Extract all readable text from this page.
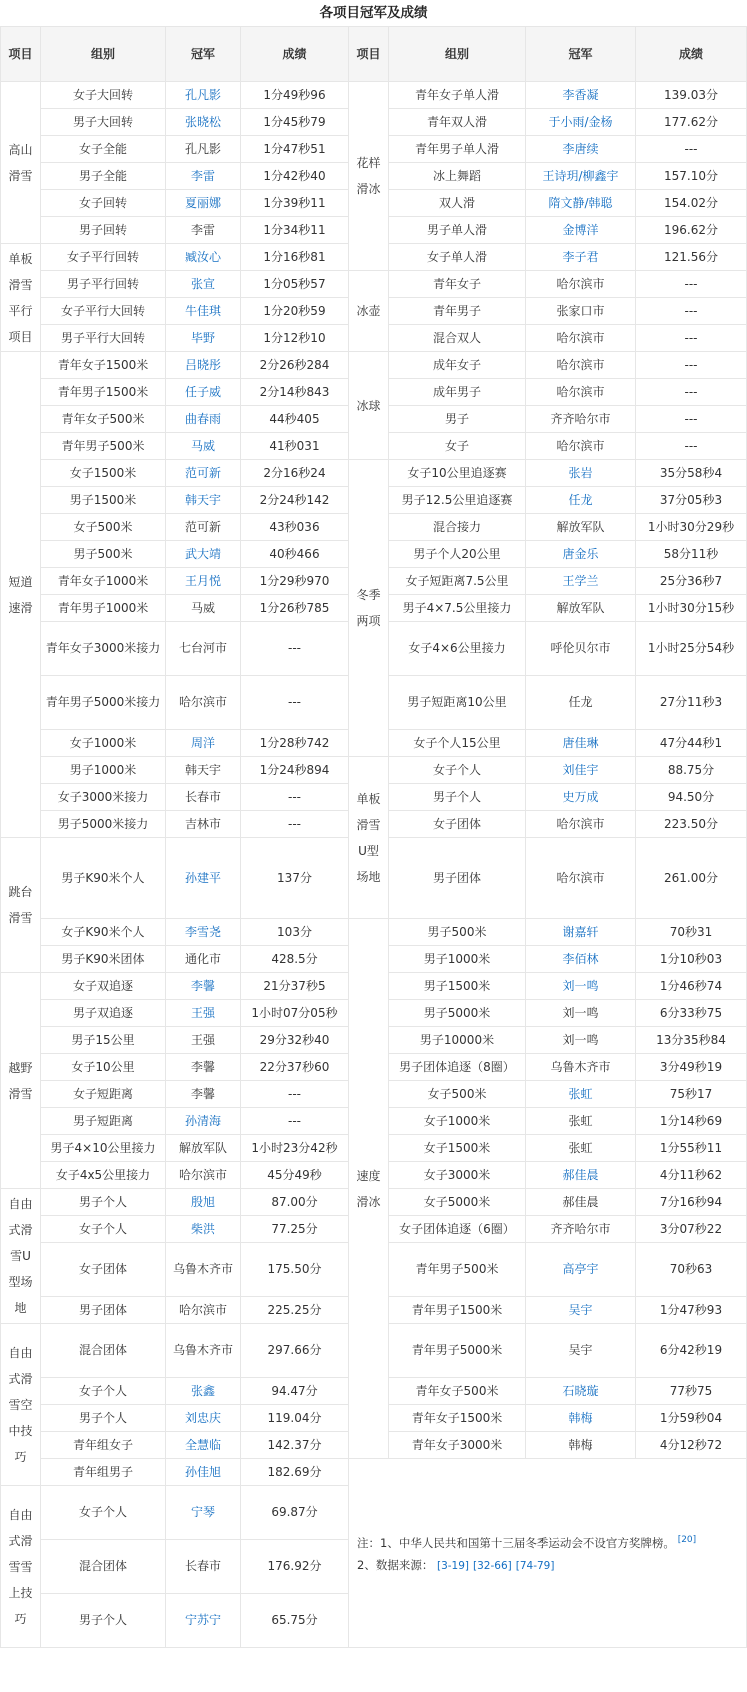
各项目冠军及成绩
项目	组别	冠军	成绩	项目	组别	冠军	成绩
高山滑雪	女子大回转	孔凡影	1分49秒96	花样滑冰	青年女子单人滑	李香凝	139.03分
	男子大回转	张晓松	1分45秒79		青年双人滑	于小雨/金杨	177.62分
	女子全能	孔凡影	1分47秒51		青年男子单人滑	李唐续	---
	男子全能	李雷	1分42秒40		冰上舞蹈	王诗玥/柳鑫宇	157.10分
	女子回转	夏丽娜	1分39秒11		双人滑	隋文静/韩聪	154.02分
	男子回转	李雷	1分34秒11		男子单人滑	金博洋	196.62分
单板滑雪平行项目	女子平行回转	臧汝心	1分16秒81		女子单人滑	李子君	121.56分
	男子平行回转	张宣	1分05秒57	冰壶	青年女子	哈尔滨市	---
	女子平行大回转	牛佳琪	1分20秒59		青年男子	张家口市	---
	男子平行大回转	毕野	1分12秒10		混合双人	哈尔滨市	---
短道速滑	青年女子1500米	吕晓彤	2分26秒284	冰球	成年女子	哈尔滨市	---
	青年男子1500米	任子威	2分14秒843		成年男子	哈尔滨市	---
	青年女子500米	曲春雨	44秒405		男子	齐齐哈尔市	---
	青年男子500米	马威	41秒031		女子	哈尔滨市	---
	女子1500米	范可新	2分16秒24	冬季两项	女子10公里追逐赛	张岩	35分58秒4
	男子1500米	韩天宇	2分24秒142		男子12.5公里追逐赛	任龙	37分05秒3
	女子500米	范可新	43秒036		混合接力	解放军队	1小时30分29秒
	男子500米	武大靖	40秒466		男子个人20公里	唐金乐	58分11秒
	青年女子1000米	王月悦	1分29秒970		女子短距离7.5公里	王学兰	25分36秒7
	青年男子1000米	马威	1分26秒785		男子4×7.5公里接力	解放军队	1小时30分15秒
	青年女子3000米接力	七台河市	---		女子4×6公里接力	呼伦贝尔市	1小时25分54秒

	青年男子5000米接力	哈尔滨市	---		男子短距离10公里	任龙	27分11秒3

	女子1000米	周洋	1分28秒742		女子个人15公里	唐佳琳	47分44秒1
	男子1000米	韩天宇	1分24秒894	单板滑雪U型场地	女子个人	刘佳宇	88.75分
	女子3000米接力	长春市	---		男子个人	史万成	94.50分
	男子5000米接力	吉林市	---		女子团体	哈尔滨市	223.50分
跳台滑雪	男子K90米个人	孙建平	137分		男子团体	哈尔滨市	261.00分

	女子K90米个人	李雪尧	103分	速度滑冰	男子500米	谢嘉轩	70秒31
	男子K90米团体	通化市	428.5分		男子1000米	李佰林	1分10秒03
越野滑雪	女子双追逐	李馨	21分37秒5		男子1500米	刘一鸣	1分46秒74
	男子双追逐	王强	1小时07分05秒		男子5000米	刘一鸣	6分33秒75
	男子15公里	王强	29分32秒40		男子10000米	刘一鸣	13分35秒84
	女子10公里	李馨	22分37秒60		男子团体追逐（8圈）	乌鲁木齐市	3分49秒19
	女子短距离	李馨	---		女子500米	张虹	75秒17
	男子短距离	孙清海	---		女子1000米	张虹	1分14秒69
	男子4×10公里接力	解放军队	1小时23分42秒		女子1500米	张虹	1分55秒11
	女子4x5公里接力	哈尔滨市	45分49秒		女子3000米	郝佳晨	4分11秒62
自由式滑雪U型场地	男子个人	殷旭	87.00分		女子5000米	郝佳晨	7分16秒94
	女子个人	柴洪	77.25分		女子团体追逐（6圈）	齐齐哈尔市	3分07秒22
	女子团体	乌鲁木齐市	175.50分		青年男子500米	高亭宇	70秒63

	男子团体	哈尔滨市	225.25分		青年男子1500米	吴宇	1分47秒93
自由式滑雪空中技巧	混合团体	乌鲁木齐市	297.66分		青年男子5000米	吴宇	6分42秒19

	女子个人	张鑫	94.47分		青年女子500米	石晓璇	77秒75
	男子个人	刘忠庆	119.04分		青年女子1500米	韩梅	1分59秒04
	青年组女子	全慧临	142.37分		青年女子3000米	韩梅	4分12秒72
	青年组男子	孙佳旭	182.69分	注：1、中华人民共和国第十三届冬季运动会不设官方奖牌榜。 [20]
2、数据来源： [3-19] [32-66] [74-79]			

自由式滑雪雪上技巧	女子个人	宁琴	69.87分				

	混合团体	长春市	176.92分				

	男子个人	宁苏宁	65.75分				
